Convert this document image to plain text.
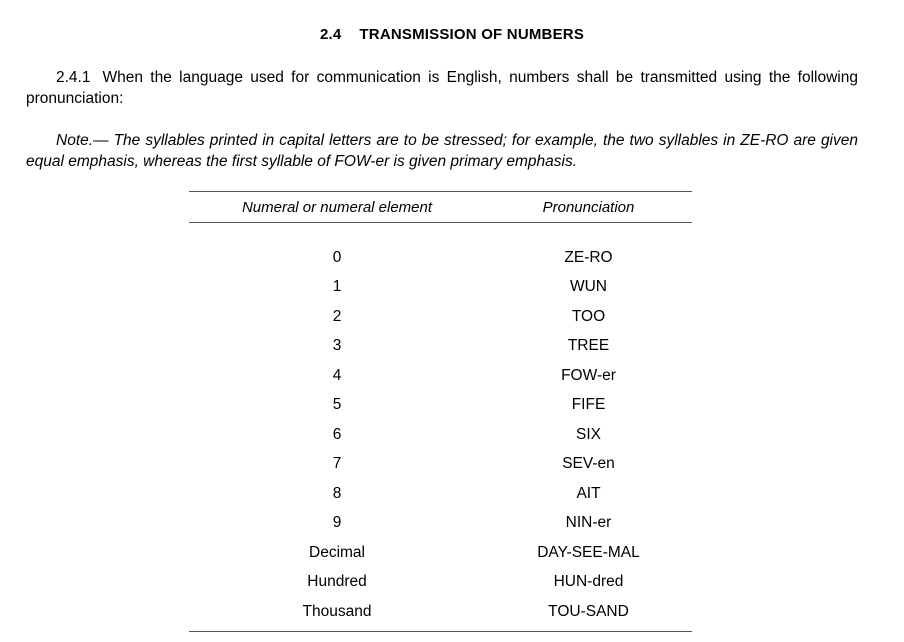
2.4 TRANSMISSION OF NUMBERS
2.4.1 When the language used for communication is English, numbers shall be transmitted using the following pronunciation:
Note.— The syllables printed in capital letters are to be stressed; for example, the two syllables in ZE-RO are given equal emphasis, whereas the first syllable of FOW-er is given primary emphasis.
Numeral or numeral element	Pronunciation
0	ZE-RO
1	WUN
2	TOO
3	TREE
4	FOW-er
5	FIFE
6	SIX
7	SEV-en
8	AIT
9	NIN-er
Decimal	DAY-SEE-MAL
Hundred	HUN-dred
Thousand	TOU-SAND
